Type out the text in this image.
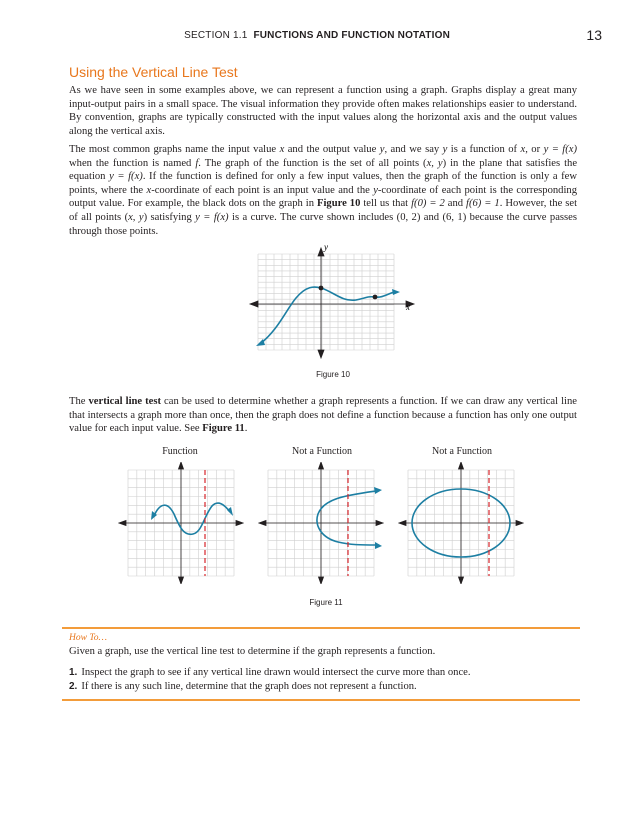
SECTION 1.1 FUNCTIONS AND FUNCTION NOTATION	13
Using the Vertical Line Test

As we have seen in some examples above, we can represent a function using a graph. Graphs display a great many input-output pairs in a small space. The visual information they provide often makes relationships easier to understand. By convention, graphs are typically constructed with the input values along the horizontal axis and the output values along the vertical axis.

The most common graphs name the input value x and the output value y, and we say y is a function of x, or y = f(x) when the function is named f. The graph of the function is the set of all points (x, y) in the plane that satisfies the equation y = f(x). If the function is defined for only a few input values, then the graph of the function is only a few points, where the x-coordinate of each point is an input value and the y-coordinate of each point is the corresponding output value. For example, the black dots on the graph in Figure 10 tell us that f(0) = 2 and f(6) = 1. However, the set of all points (x, y) satisfying y = f(x) is a curve. The curve shown includes (0, 2) and (6, 1) because the curve passes through those points.

y
x
Figure 10

The vertical line test can be used to determine whether a graph represents a function. If we can draw any vertical line that intersects a graph more than once, then the graph does not define a function because a function has only one output value for each input value. See Figure 11.

Function	Not a Function	Not a Function
Figure 11
How To…
Given a graph, use the vertical line test to determine if the graph represents a function.
1. Inspect the graph to see if any vertical line drawn would intersect the curve more than once.
2. If there is any such line, determine that the graph does not represent a function.
